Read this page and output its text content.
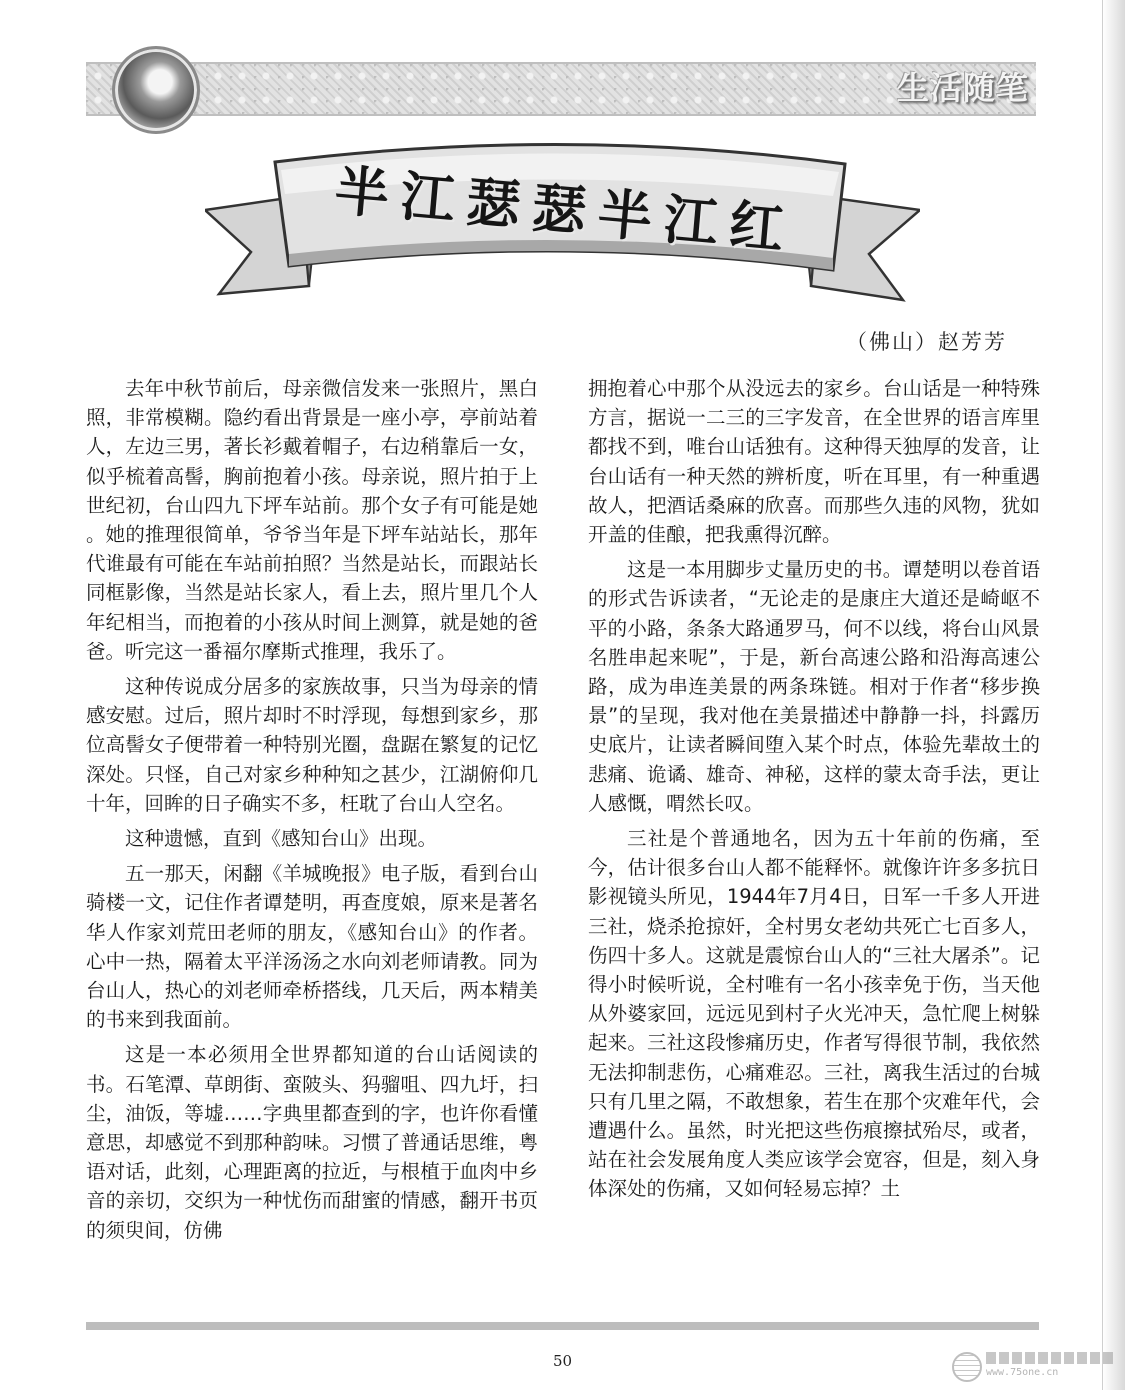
生活随笔
半江瑟瑟半江红
（佛山）赵芳芳

去年中秋节前后，母亲微信发来一张照片，黑白照，非常模糊。隐约看出背景是一座小亭，亭前站着人，左边三男，著长衫戴着帽子，右边稍靠后一女，似乎梳着高髻，胸前抱着小孩。母亲说，照片拍于上世纪初，台山四九下坪车站前。那个女子有可能是她 。她的推理很简单，爷爷当年是下坪车站站长，那年代谁最有可能在车站前拍照？当然是站长，而跟站长同框影像，当然是站长家人，看上去，照片里几个人年纪相当，而抱着的小孩从时间上测算，就是她的爸爸。听完这一番福尔摩斯式推理，我乐了。

这种传说成分居多的家族故事，只当为母亲的情感安慰。过后，照片却时不时浮现，每想到家乡，那位高髻女子便带着一种特别光圈，盘踞在繁复的记忆深处。只怪，自己对家乡种种知之甚少，江湖俯仰几十年，回眸的日子确实不多，枉耽了台山人空名。

这种遗憾，直到《感知台山》出现。

五一那天，闲翻《羊城晚报》电子版，看到台山骑楼一文，记住作者谭楚明，再查度娘，原来是著名华人作家刘荒田老师的朋友，《感知台山》的作者。心中一热，隔着太平洋汤汤之水向刘老师请教。同为台山人，热心的刘老师牵桥搭线，几天后，两本精美的书来到我面前。

这是一本必须用全世界都知道的台山话阅读的书。石笔潭、草朗街、蛮陂头、犸骝咀、四九圩，扫尘，油饭，等墟……字典里都查到的字，也许你看懂意思，却感觉不到那种韵味。习惯了普通话思维，粤语对话，此刻，心理距离的拉近，与根植于血肉中乡音的亲切，交织为一种忧伤而甜蜜的情感，翻开书页的须臾间，仿佛

拥抱着心中那个从没远去的家乡。台山话是一种特殊方言，据说一二三的三字发音，在全世界的语言库里都找不到，唯台山话独有。这种得天独厚的发音，让台山话有一种天然的辨析度，听在耳里，有一种重遇故人，把酒话桑麻的欣喜。而那些久违的风物，犹如开盖的佳酿，把我熏得沉醉。

这是一本用脚步丈量历史的书。谭楚明以卷首语的形式告诉读者，“无论走的是康庄大道还是崎岖不平的小路，条条大路通罗马，何不以线，将台山风景名胜串起来呢”，于是，新台高速公路和沿海高速公路，成为串连美景的两条珠链。相对于作者“移步换景”的呈现，我对他在美景描述中静静一抖，抖露历史底片，让读者瞬间堕入某个时点，体验先辈故土的悲痛、诡谲、雄奇、神秘，这样的蒙太奇手法，更让人感慨，喟然长叹。

三社是个普通地名，因为五十年前的伤痛，至今，估计很多台山人都不能释怀。就像许许多多抗日影视镜头所见，1944年7月4日，日军一千多人开进三社，烧杀抢掠奸，全村男女老幼共死亡七百多人，伤四十多人。这就是震惊台山人的“三社大屠杀”。记得小时候听说，全村唯有一名小孩幸免于伤，当天他从外婆家回，远远见到村子火光冲天，急忙爬上树躲起来。三社这段惨痛历史，作者写得很节制，我依然无法抑制悲伤，心痛难忍。三社，离我生活过的台城只有几里之隔，不敢想象，若生在那个灾难年代，会遭遇什么。虽然，时光把这些伤痕擦拭殆尽，或者，站在社会发展角度人类应该学会宽容，但是，刻入身体深处的伤痛，又如何轻易忘掉？土

50
www.75one.cn
